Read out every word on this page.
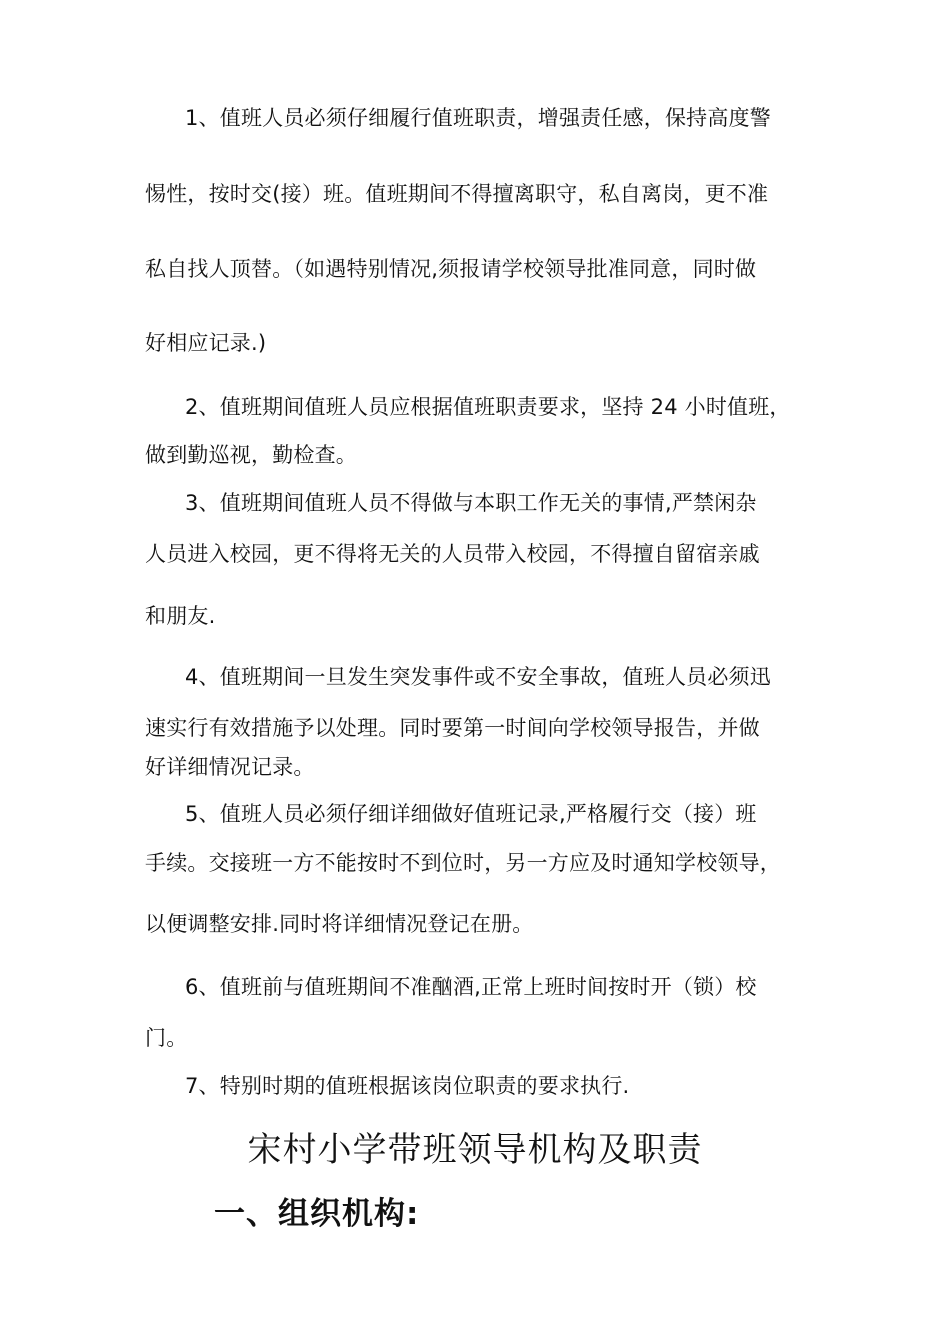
1、值班人员必须仔细履行值班职责，增强责任感，保持高度警
惕性，按时交(接）班。值班期间不得擅离职守，私自离岗，更不准
私自找人顶替。（如遇特别情况,须报请学校领导批准同意，同时做
好相应记录.)
2、值班期间值班人员应根据值班职责要求，坚持 24 小时值班，
做到勤巡视，勤检查。
3、值班期间值班人员不得做与本职工作无关的事情,严禁闲杂
人员进入校园，更不得将无关的人员带入校园，不得擅自留宿亲戚
和朋友.
4、值班期间一旦发生突发事件或不安全事故，值班人员必须迅
速实行有效措施予以处理。同时要第一时间向学校领导报告，并做
好详细情况记录。
5、值班人员必须仔细详细做好值班记录,严格履行交（接）班
手续。交接班一方不能按时不到位时，另一方应及时通知学校领导，
以便调整安排.同时将详细情况登记在册。
6、值班前与值班期间不准酗酒,正常上班时间按时开（锁）校
门。
7、特别时期的值班根据该岗位职责的要求执行.
宋村小学带班领导机构及职责
一、组织机构:
